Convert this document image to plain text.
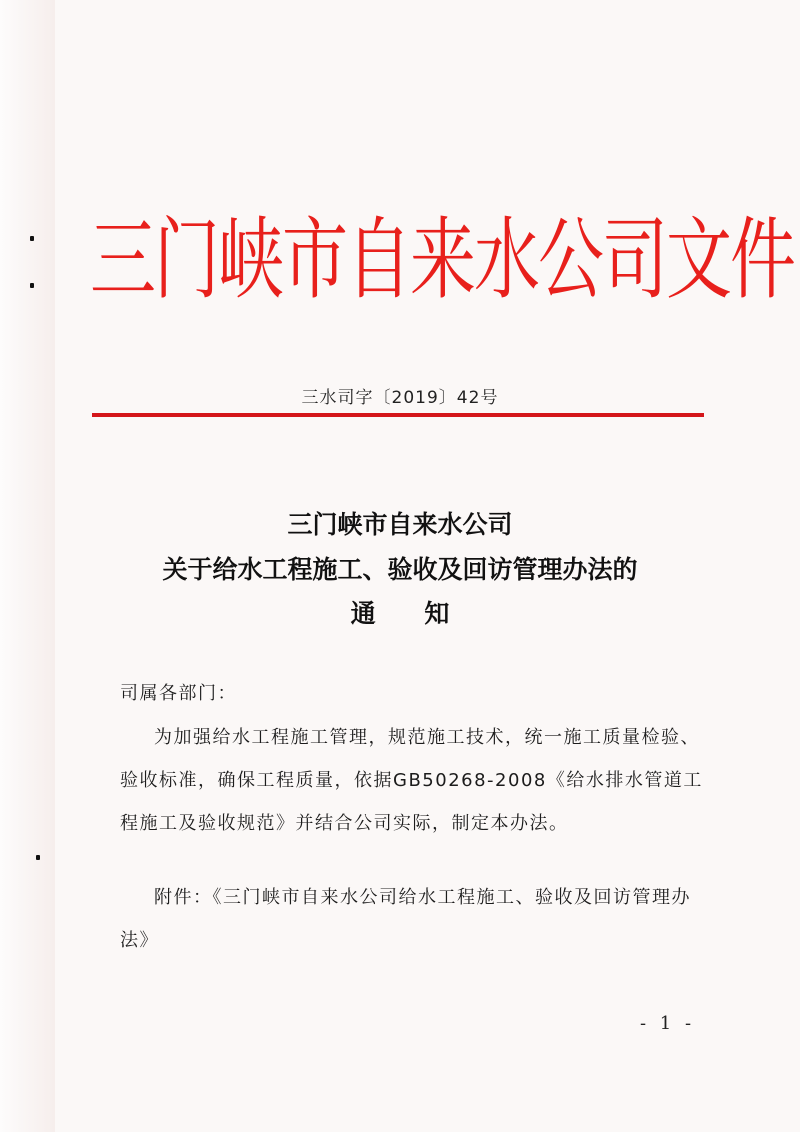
三门峡市自来水公司文件
三水司字〔2019〕42号
三门峡市自来水公司
关于给水工程施工、验收及回访管理办法的
通 知
司属各部门：
为加强给水工程施工管理，规范施工技术，统一施工质量检验、验收标准，确保工程质量，依据GB50268-2008《给水排水管道工程施工及验收规范》并结合公司实际，制定本办法。
附件：《三门峡市自来水公司给水工程施工、验收及回访管理办法》
- 1 -
